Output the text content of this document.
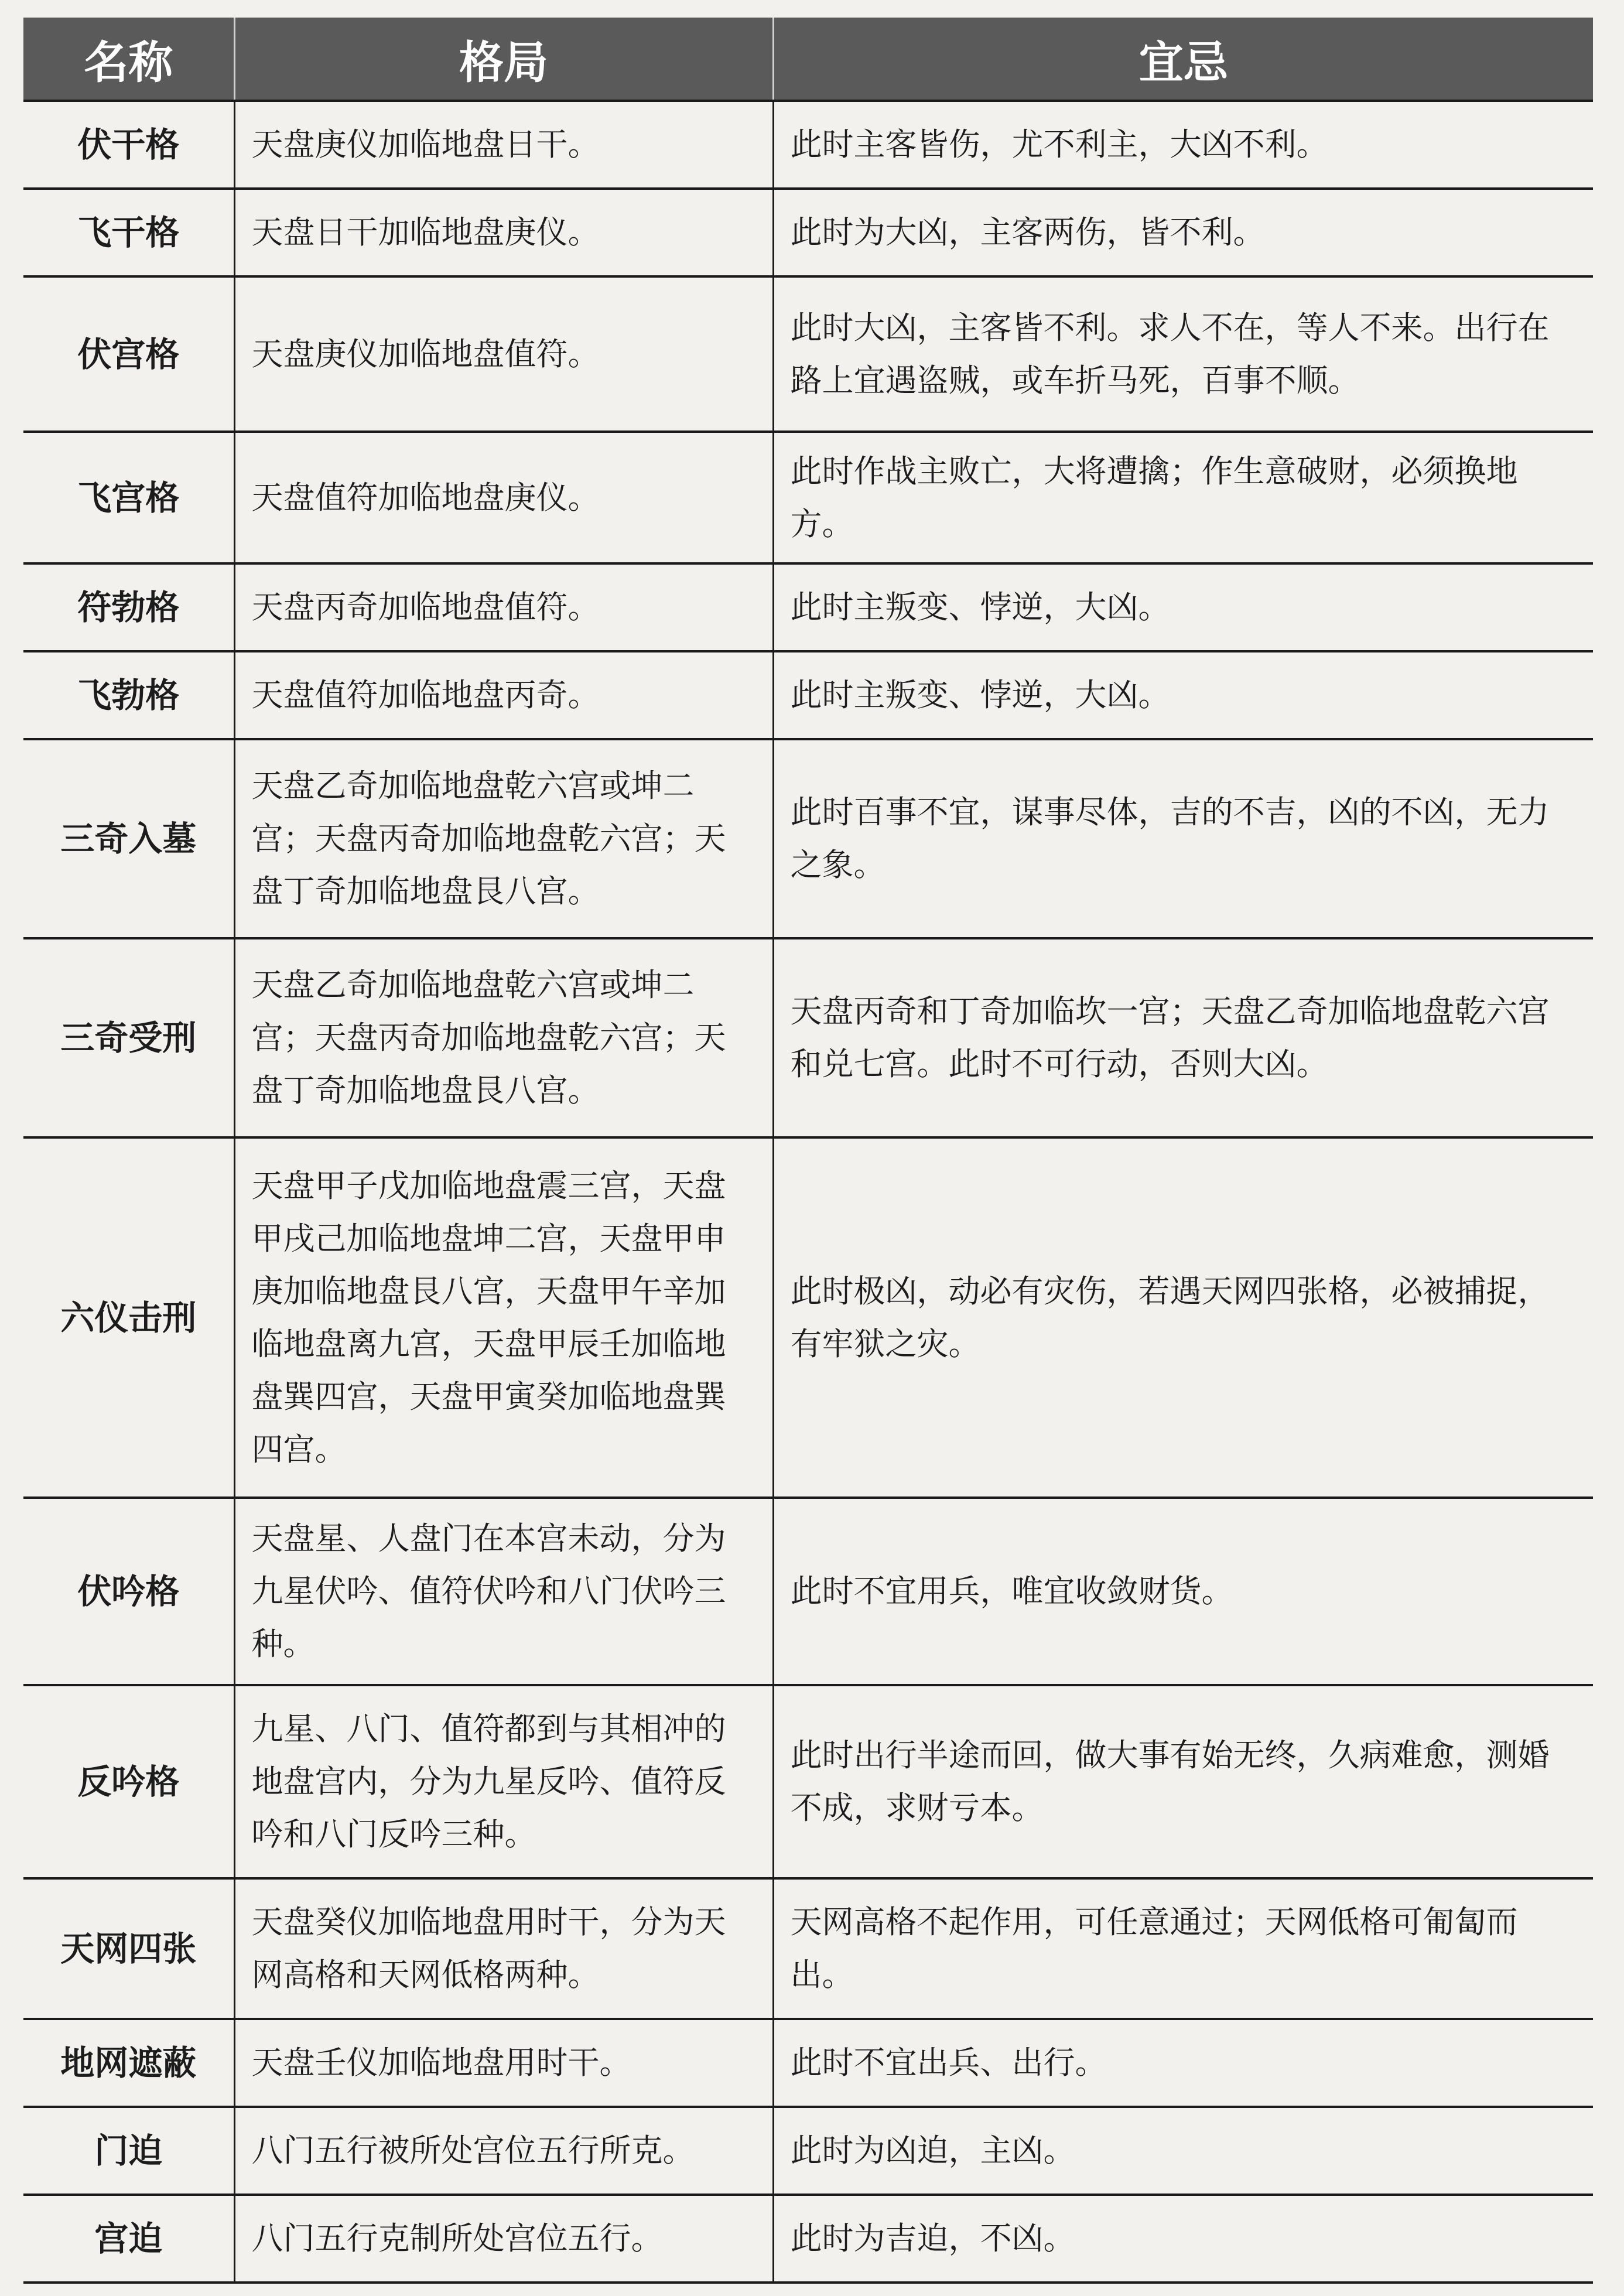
名称	格局	宜忌
伏干格	天盘庚仪加临地盘日干。	此时主客皆伤，尤不利主，大凶不利。
飞干格	天盘日干加临地盘庚仪。	此时为大凶，主客两伤，皆不利。
伏宫格	天盘庚仪加临地盘值符。	此时大凶，主客皆不利。求人不在，等人不来。出行在路上宜遇盗贼，或车折马死，百事不顺。
飞宫格	天盘值符加临地盘庚仪。	此时作战主败亡，大将遭擒；作生意破财，必须换地方。
符勃格	天盘丙奇加临地盘值符。	此时主叛变、悖逆，大凶。
飞勃格	天盘值符加临地盘丙奇。	此时主叛变、悖逆，大凶。
三奇入墓	天盘乙奇加临地盘乾六宫或坤二宫；天盘丙奇加临地盘乾六宫；天盘丁奇加临地盘艮八宫。	此时百事不宜，谋事尽体，吉的不吉，凶的不凶，无力之象。
三奇受刑	天盘乙奇加临地盘乾六宫或坤二宫；天盘丙奇加临地盘乾六宫；天盘丁奇加临地盘艮八宫。	天盘丙奇和丁奇加临坎一宫；天盘乙奇加临地盘乾六宫和兑七宫。此时不可行动，否则大凶。
六仪击刑	天盘甲子戊加临地盘震三宫，天盘甲戌己加临地盘坤二宫，天盘甲申庚加临地盘艮八宫，天盘甲午辛加临地盘离九宫，天盘甲辰壬加临地盘巽四宫，天盘甲寅癸加临地盘巽四宫。	此时极凶，动必有灾伤，若遇天网四张格，必被捕捉，有牢狱之灾。
伏吟格	天盘星、人盘门在本宫未动，分为九星伏吟、值符伏吟和八门伏吟三种。	此时不宜用兵，唯宜收敛财货。
反吟格	九星、八门、值符都到与其相冲的地盘宫内，分为九星反吟、值符反吟和八门反吟三种。	此时出行半途而回，做大事有始无终，久病难愈，测婚不成，求财亏本。
天网四张	天盘癸仪加临地盘用时干，分为天网高格和天网低格两种。	天网高格不起作用，可任意通过；天网低格可匍匐而出。
地网遮蔽	天盘壬仪加临地盘用时干。	此时不宜出兵、出行。
门迫	八门五行被所处宫位五行所克。	此时为凶迫，主凶。
宫迫	八门五行克制所处宫位五行。	此时为吉迫，不凶。
